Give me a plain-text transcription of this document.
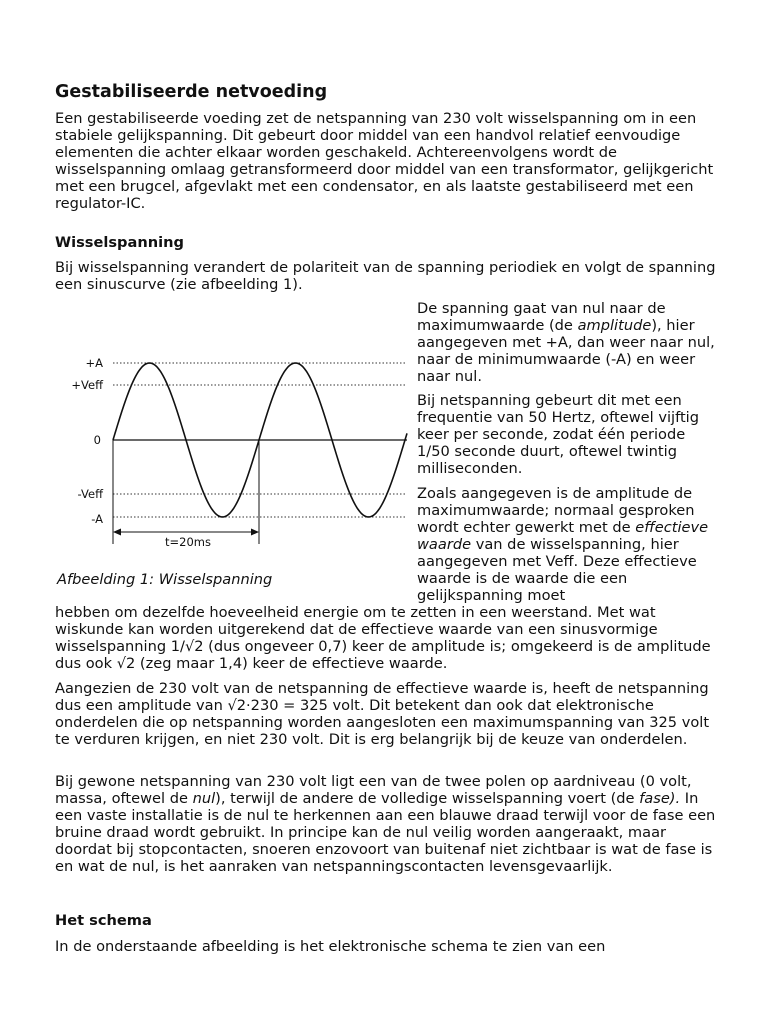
Gestabiliseerde netvoeding

Een gestabiliseerde voeding zet de netspanning van 230 volt wisselspanning om in een stabiele gelijkspanning. Dit gebeurt door middel van een handvol relatief eenvoudige elementen die achter elkaar worden geschakeld. Achtereenvolgens wordt de wisselspanning omlaag getransformeerd door middel van een transformator, gelijkgericht met een brugcel, afgevlakt met een condensator, en als laatste gestabiliseerd met een regulator-IC.

Wisselspanning

Bij wisselspanning verandert de polariteit van de spanning periodiek en volgt de spanning een sinuscurve (zie afbeelding 1).

+A
+Veff
0
-Veff
-A
t=20ms

Afbeelding 1: Wisselspanning

De spanning gaat van nul naar de maximumwaarde (de amplitude), hier aangegeven met +A, dan weer naar nul, naar de minimumwaarde (-A) en weer naar nul.

Bij netspanning gebeurt dit met een frequentie van 50 Hertz, oftewel vijftig keer per seconde, zodat één periode 1/50 seconde duurt, oftewel twintig milliseconden.

Zoals aangegeven is de amplitude de maximumwaarde; normaal gesproken wordt echter gewerkt met de effectieve waarde van de wisselspanning, hier aangegeven met Veff. Deze effectieve waarde is de waarde die een gelijkspanning moet

hebben om dezelfde hoeveelheid energie om te zetten in een weerstand. Met wat wiskunde kan worden uitgerekend dat de effectieve waarde van een sinusvormige wisselspanning 1/√2 (dus ongeveer 0,7) keer de amplitude is; omgekeerd is de amplitude dus ook √2 (zeg maar 1,4) keer de effectieve waarde.

Aangezien de 230 volt van de netspanning de effectieve waarde is, heeft de netspanning dus een amplitude van √2·230 = 325 volt. Dit betekent dan ook dat elektronische onderdelen die op netspanning worden aangesloten een maximumspanning van 325 volt te verduren krijgen, en niet 230 volt. Dit is erg belangrijk bij de keuze van onderdelen.

Bij gewone netspanning van 230 volt ligt een van de twee polen op aardniveau (0 volt, massa, oftewel de nul), terwijl de andere de volledige wisselspanning voert (de fase). In een vaste installatie is de nul te herkennen aan een blauwe draad terwijl voor de fase een bruine draad wordt gebruikt. In principe kan de nul veilig worden aangeraakt, maar doordat bij stopcontacten, snoeren enzovoort van buitenaf niet zichtbaar is wat de fase is en wat de nul, is het aanraken van netspanningscontacten levensgevaarlijk.

Het schema

In de onderstaande afbeelding is het elektronische schema te zien van een
